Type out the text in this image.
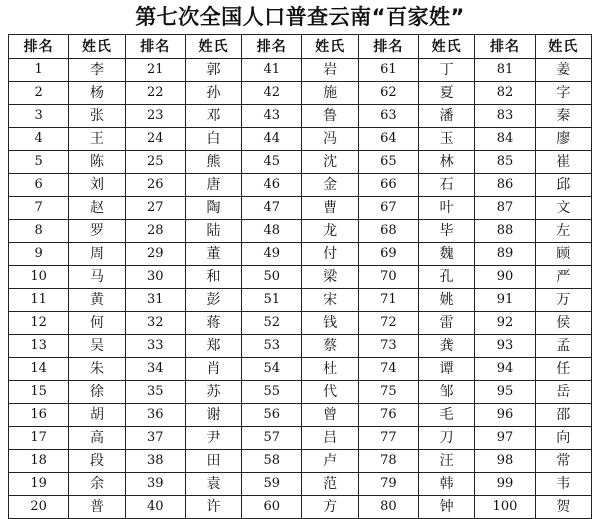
第七次全国人口普查云南“百家姓”
排名	姓氏	排名	姓氏	排名	姓氏	排名	姓氏	排名	姓氏
1	李	21	郭	41	岩	61	丁	81	姜
2	杨	22	孙	42	施	62	夏	82	字
3	张	23	邓	43	鲁	63	潘	83	秦
4	王	24	白	44	冯	64	玉	84	廖
5	陈	25	熊	45	沈	65	林	85	崔
6	刘	26	唐	46	金	66	石	86	邱
7	赵	27	陶	47	曹	67	叶	87	文
8	罗	28	陆	48	龙	68	毕	88	左
9	周	29	董	49	付	69	魏	89	顾
10	马	30	和	50	梁	70	孔	90	严
11	黄	31	彭	51	宋	71	姚	91	万
12	何	32	蒋	52	钱	72	雷	92	侯
13	吴	33	郑	53	蔡	73	龚	93	孟
14	朱	34	肖	54	杜	74	谭	94	任
15	徐	35	苏	55	代	75	邹	95	岳
16	胡	36	谢	56	曾	76	毛	96	邵
17	高	37	尹	57	吕	77	刀	97	向
18	段	38	田	58	卢	78	汪	98	常
19	余	39	袁	59	范	79	韩	99	韦
20	普	40	许	60	方	80	钟	100	贺
